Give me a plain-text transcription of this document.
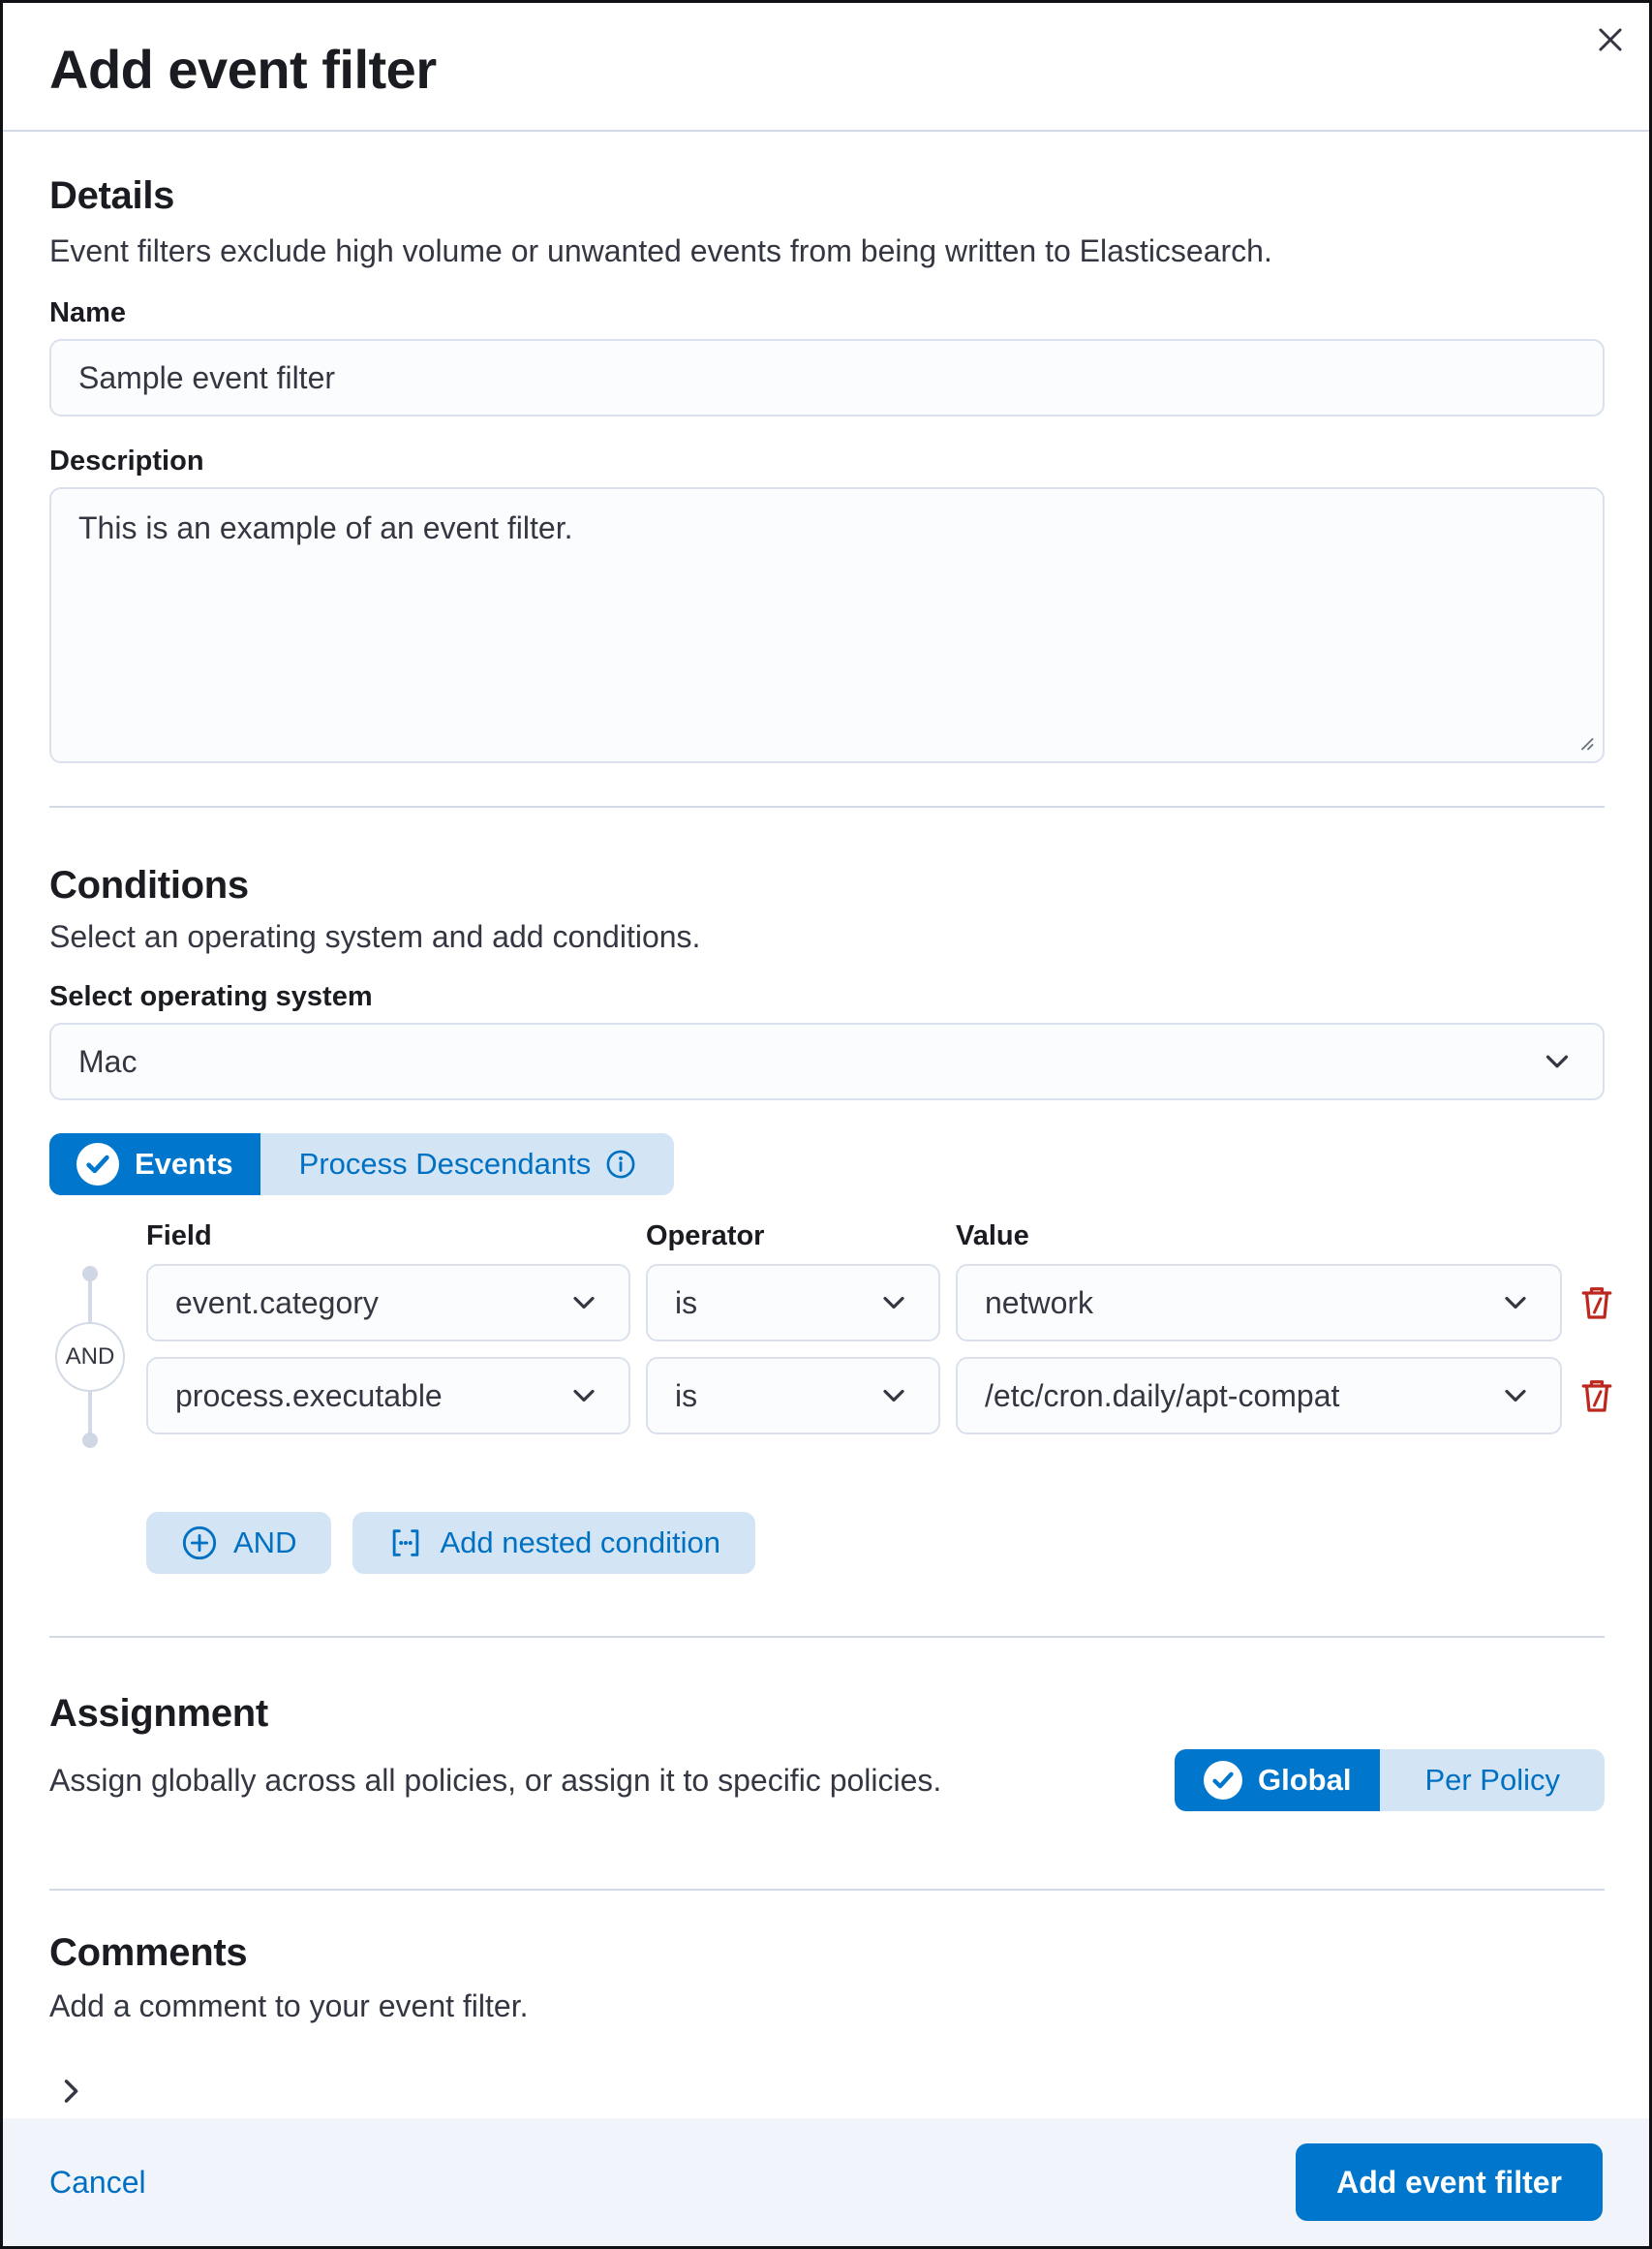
Add event filter
Details
Event filters exclude high volume or unwanted events from being written to Elasticsearch.
Name
Sample event filter
Description
This is an example of an event filter.
Conditions
Select an operating system and add conditions.
Select operating system
Mac
Events Process Descendants
Field	Operator	Value
AND
event.category	is	network
process.executable	is	/etc/cron.daily/apt-compat
AND	Add nested condition
Assignment
Assign globally across all policies, or assign it to specific policies.	Global Per Policy
Comments
Add a comment to your event filter.
Cancel	Add event filter
